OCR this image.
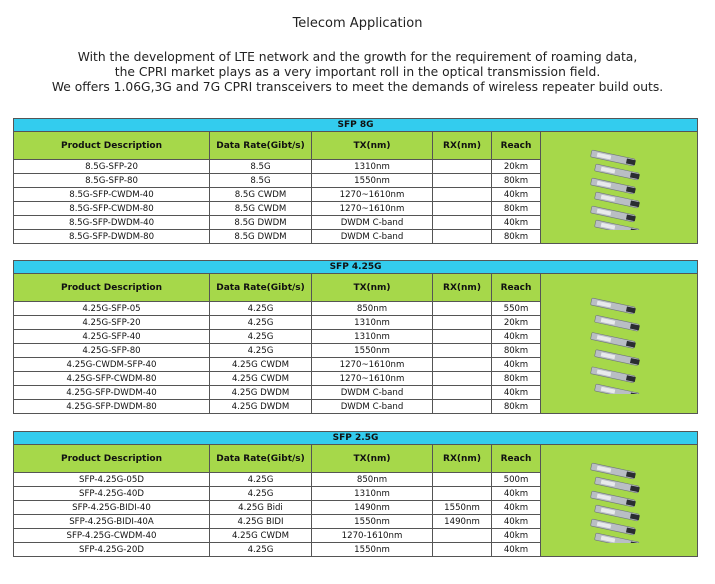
Telecom Application
With the development of LTE network and the growth for the requirement of roaming data,
the CPRI market plays as a very important roll in the optical transmission field.
We offers 1.06G,3G and 7G CPRI transceivers to meet the demands of wireless repeater build outs.
SFP 8G					
Product Description	Data Rate(Gibt/s)	TX(nm)	RX(nm)	Reach	

8.5G-SFP-20	8.5G	1310nm		20km	
8.5G-SFP-80	8.5G	1550nm		80km	
8.5G-SFP-CWDM-40	8.5G CWDM	1270~1610nm		40km	
8.5G-SFP-CWDM-80	8.5G CWDM	1270~1610nm		80km	
8.5G-SFP-DWDM-40	8.5G DWDM	DWDM C-band		40km	
8.5G-SFP-DWDM-80	8.5G DWDM	DWDM C-band		80km	
SFP 4.25G					
Product Description	Data Rate(Gibt/s)	TX(nm)	RX(nm)	Reach	

4.25G-SFP-05	4.25G	850nm		550m	
4.25G-SFP-20	4.25G	1310nm		20km	
4.25G-SFP-40	4.25G	1310nm		40km	
4.25G-SFP-80	4.25G	1550nm		80km	
4.25G-CWDM-SFP-40	4.25G CWDM	1270~1610nm		40km	
4.25G-SFP-CWDM-80	4.25G CWDM	1270~1610nm		80km	
4.25G-SFP-DWDM-40	4.25G DWDM	DWDM C-band		40km	
4.25G-SFP-DWDM-80	4.25G DWDM	DWDM C-band		80km	
SFP 2.5G					
Product Description	Data Rate(Gibt/s)	TX(nm)	RX(nm)	Reach	

SFP-4.25G-05D	4.25G	850nm		500m	
SFP-4.25G-40D	4.25G	1310nm		40km	
SFP-4.25G-BIDI-40	4.25G Bidi	1490nm	1550nm	40km	
SFP-4.25G-BIDI-40A	4.25G BIDI	1550nm	1490nm	40km	
SFP-4.25G-CWDM-40	4.25G CWDM	1270-1610nm		40km	
SFP-4.25G-20D	4.25G	1550nm		40km	
